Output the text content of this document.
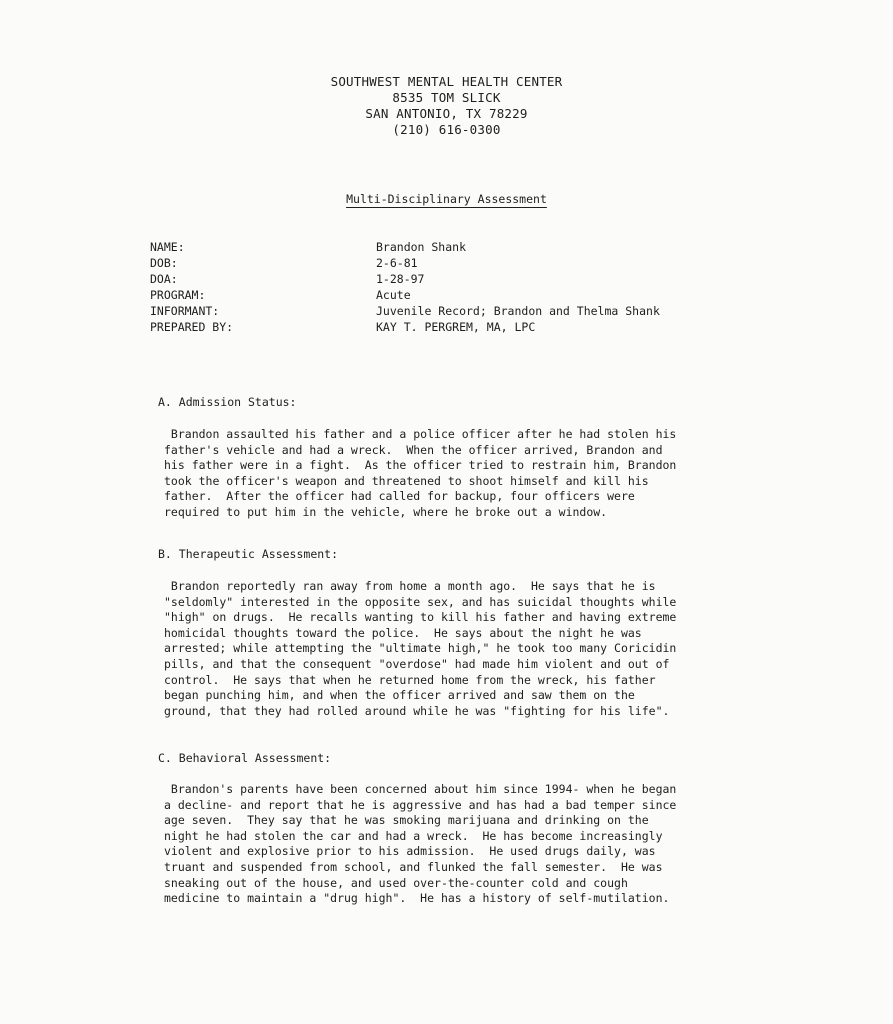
SOUTHWEST MENTAL HEALTH CENTER
8535 TOM SLICK
SAN ANTONIO, TX 78229
(210) 616-0300
Multi-Disciplinary Assessment
NAME:	Brandon Shank
DOB:	2-6-81
DOA:	1-28-97
PROGRAM:	Acute
INFORMANT:	Juvenile Record; Brandon and Thelma Shank
PREPARED BY:	KAY T. PERGREM, MA, LPC
A. Admission Status:
Brandon assaulted his father and a police officer after he had stolen his
father's vehicle and had a wreck.  When the officer arrived, Brandon and
his father were in a fight.  As the officer tried to restrain him, Brandon
took the officer's weapon and threatened to shoot himself and kill his
father.  After the officer had called for backup, four officers were
required to put him in the vehicle, where he broke out a window.
B. Therapeutic Assessment:
Brandon reportedly ran away from home a month ago.  He says that he is
"seldomly" interested in the opposite sex, and has suicidal thoughts while
"high" on drugs.  He recalls wanting to kill his father and having extreme
homicidal thoughts toward the police.  He says about the night he was
arrested; while attempting the "ultimate high," he took too many Coricidin
pills, and that the consequent "overdose" had made him violent and out of
control.  He says that when he returned home from the wreck, his father
began punching him, and when the officer arrived and saw them on the
ground, that they had rolled around while he was "fighting for his life".
C. Behavioral Assessment:
Brandon's parents have been concerned about him since 1994- when he began
a decline- and report that he is aggressive and has had a bad temper since
age seven.  They say that he was smoking marijuana and drinking on the
night he had stolen the car and had a wreck.  He has become increasingly
violent and explosive prior to his admission.  He used drugs daily, was
truant and suspended from school, and flunked the fall semester.  He was
sneaking out of the house, and used over-the-counter cold and cough
medicine to maintain a "drug high".  He has a history of self-mutilation.
